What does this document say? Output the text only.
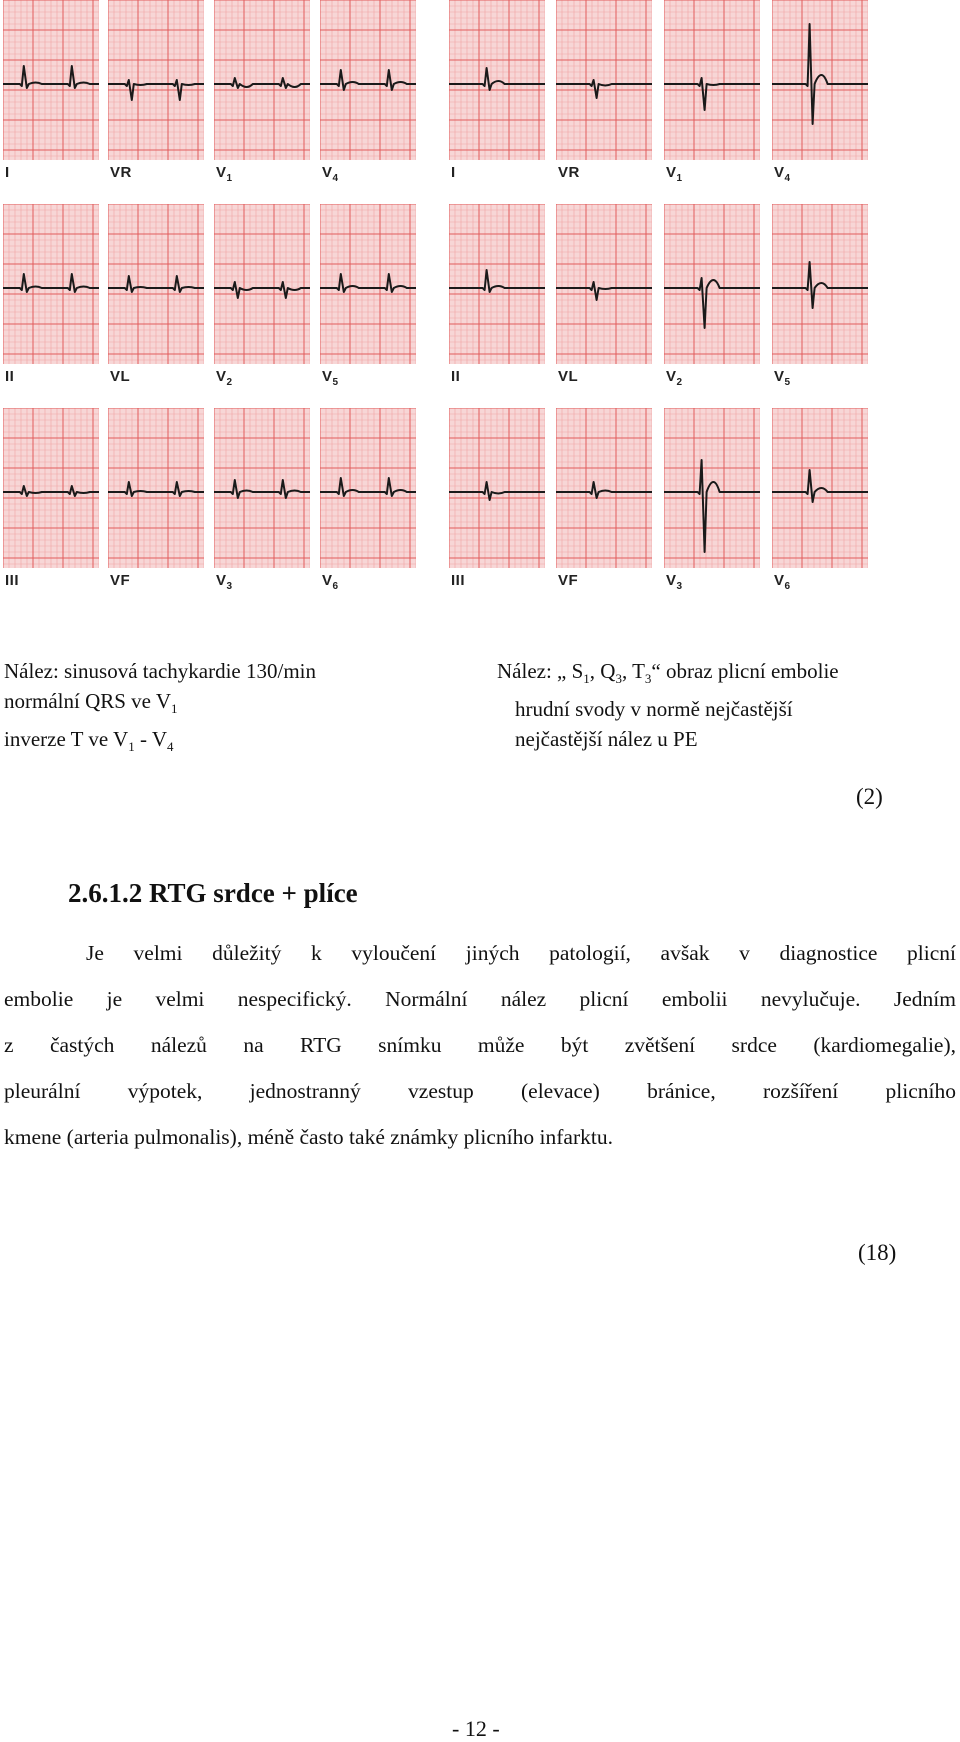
I	VR	$V_1$	$V_4$
II	VL	$V_2$	$V_5$
III	VF	$V_3$	$V_6$
I	VR	$V_1$	$V_4$
II	VL	$V_2$	$V_5$
III	VF	$V_3$	$V_6$
Nález: sinusová tachykardie 130/min
normální QRS ve $V_1$
inverze T ve $V_1 - V_4$
Nález: „ $S_1$, $Q_3$, $T_3“$ obraz plicní embolie
hrudní svody v normě nejčastější
nejčastější nález u PE
(2)
2.6.1.2 RTG srdce + plíce
Je velmi důležitý k vyloučení jiných patologií, avšak v diagnostice plicní
embolie je velmi nespecifický. Normální nález plicní embolii nevylučuje. Jedním
z častých nálezů na RTG snímku může být zvětšení srdce (kardiomegalie),
pleurální výpotek, jednostranný vzestup (elevace) bránice, rozšíření plicního
kmene (arteria pulmonalis), méně často také známky plicního infarktu.
(18)
- 12 -
